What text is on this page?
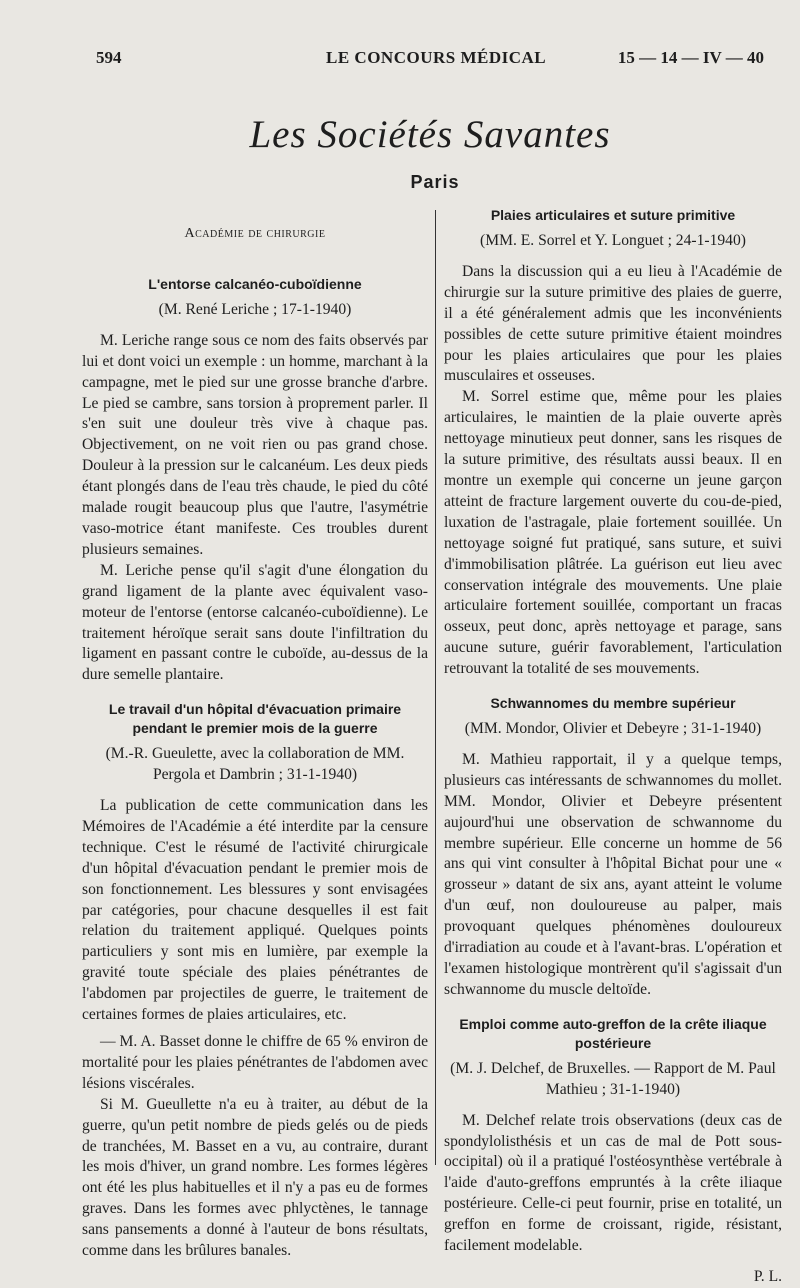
594	LE CONCOURS MÉDICAL	15 — 14 — IV — 40
Les Sociétés Savantes
Paris
Académie de chirurgie
L'entorse calcanéo-cuboïdienne
(M. René Leriche ; 17-1-1940)

M. Leriche range sous ce nom des faits observés par lui et dont voici un exemple : un homme, marchant à la campagne, met le pied sur une grosse branche d'arbre. Le pied se cambre, sans torsion à proprement parler. Il s'en suit une douleur très vive à chaque pas. Objectivement, on ne voit rien ou pas grand chose. Douleur à la pression sur le calcanéum. Les deux pieds étant plongés dans de l'eau très chaude, le pied du côté malade rougit beaucoup plus que l'autre, l'asymétrie vaso-motrice étant manifeste. Ces troubles durent plusieurs semaines.

M. Leriche pense qu'il s'agit d'une élongation du grand ligament de la plante avec équivalent vaso-moteur de l'entorse (entorse calcanéo-cuboïdienne). Le traitement héroïque serait sans doute l'infiltration du ligament en passant contre le cuboïde, au-dessus de la dure semelle plantaire.

Le travail d'un hôpital d'évacuation primaire pendant le premier mois de la guerre
(M.-R. Gueulette, avec la collaboration de MM. Pergola et Dambrin ; 31-1-1940)

La publication de cette communication dans les Mémoires de l'Académie a été interdite par la censure technique. C'est le résumé de l'activité chirurgicale d'un hôpital d'évacuation pendant le premier mois de son fonctionnement. Les blessures y sont envisagées par catégories, pour chacune desquelles il est fait relation du traitement appliqué. Quelques points particuliers y sont mis en lumière, par exemple la gravité toute spéciale des plaies pénétrantes de l'abdomen par projectiles de guerre, le traitement de certaines formes de plaies articulaires, etc.

— M. A. Basset donne le chiffre de 65 % environ de mortalité pour les plaies pénétrantes de l'abdomen avec lésions viscérales.

Si M. Gueullette n'a eu à traiter, au début de la guerre, qu'un petit nombre de pieds gelés ou de pieds de tranchées, M. Basset en a vu, au contraire, durant les mois d'hiver, un grand nombre. Les formes légères ont été les plus habituelles et il n'y a pas eu de formes graves. Dans les formes avec phlyctènes, le tannage sans pansements a donné à l'auteur de bons résultats, comme dans les brûlures banales.

Plaies articulaires et suture primitive
(MM. E. Sorrel et Y. Longuet ; 24-1-1940)

Dans la discussion qui a eu lieu à l'Académie de chirurgie sur la suture primitive des plaies de guerre, il a été généralement admis que les inconvénients possibles de cette suture primitive étaient moindres pour les plaies articulaires que pour les plaies musculaires et osseuses.

M. Sorrel estime que, même pour les plaies articulaires, le maintien de la plaie ouverte après nettoyage minutieux peut donner, sans les risques de la suture primitive, des résultats aussi beaux. Il en montre un exemple qui concerne un jeune garçon atteint de fracture largement ouverte du cou-de-pied, luxation de l'astragale, plaie fortement souillée. Un nettoyage soigné fut pratiqué, sans suture, et suivi d'immobilisation plâtrée. La guérison eut lieu avec conservation intégrale des mouvements. Une plaie articulaire fortement souillée, comportant un fracas osseux, peut donc, après nettoyage et parage, sans aucune suture, guérir favorablement, l'articulation retrouvant la totalité de ses mouvements.

Schwannomes du membre supérieur
(MM. Mondor, Olivier et Debeyre ; 31-1-1940)

M. Mathieu rapportait, il y a quelque temps, plusieurs cas intéressants de schwannomes du mollet. MM. Mondor, Olivier et Debeyre présentent aujourd'hui une observation de schwannome du membre supérieur. Elle concerne un homme de 56 ans qui vint consulter à l'hôpital Bichat pour une « grosseur » datant de six ans, ayant atteint le volume d'un œuf, non douloureuse au palper, mais provoquant quelques phénomènes douloureux d'irradiation au coude et à l'avant-bras. L'opération et l'examen histologique montrèrent qu'il s'agissait d'un schwannome du muscle deltoïde.

Emploi comme auto-greffon de la crête iliaque postérieure
(M. J. Delchef, de Bruxelles. — Rapport de M. Paul Mathieu ; 31-1-1940)

M. Delchef relate trois observations (deux cas de spondylolisthésis et un cas de mal de Pott sous-occipital) où il a pratiqué l'ostéosynthèse vertébrale à l'aide d'auto-greffons empruntés à la crête iliaque postérieure. Celle-ci peut fournir, prise en totalité, un greffon en forme de croissant, rigide, résistant, facilement modelable.

P. L.
